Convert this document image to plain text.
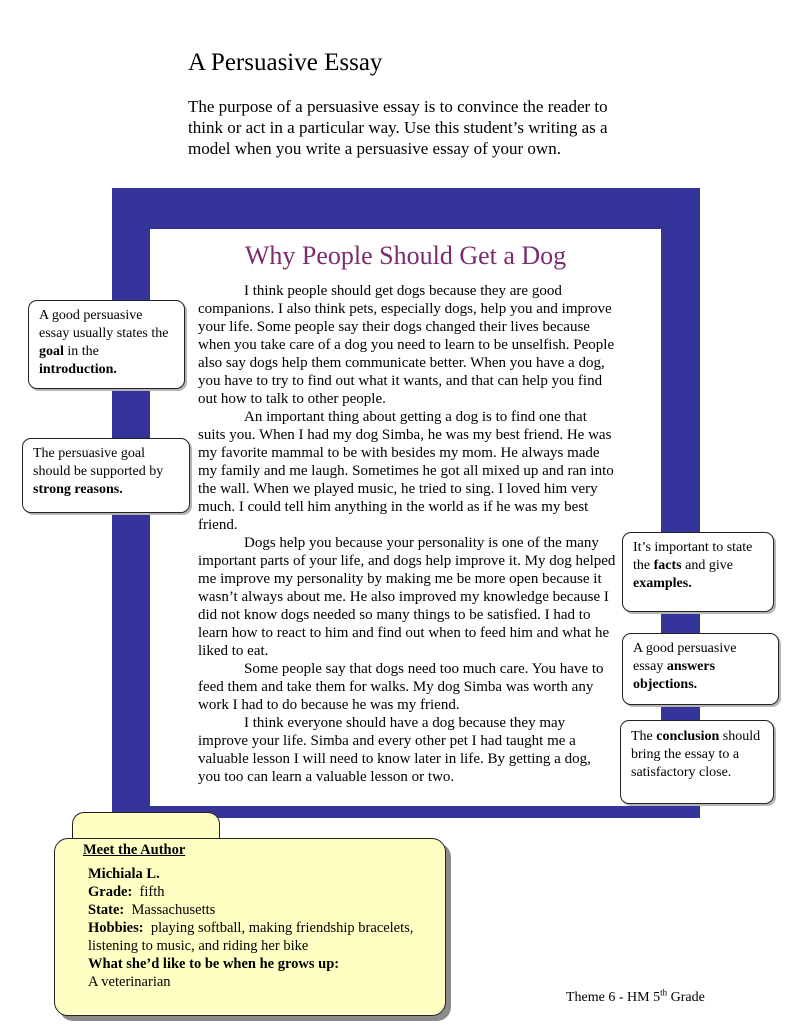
A Persuasive Essay
The purpose of a persuasive essay is to convince the reader to think or act in a particular way. Use this student’s writing as a model when you write a persuasive essay of your own.
Why People Should Get a Dog

I think people should get dogs because they are good companions. I also think pets, especially dogs, help you and improve your life. Some people say their dogs changed their lives because when you take care of a dog you need to learn to be unselfish. People also say dogs help them communicate better. When you have a dog, you have to try to find out what it wants, and that can help you find out how to talk to other people.

An important thing about getting a dog is to find one that suits you. When I had my dog Simba, he was my best friend. He was my favorite mammal to be with besides my mom. He always made my family and me laugh. Sometimes he got all mixed up and ran into the wall. When we played music, he tried to sing. I loved him very much. I could tell him anything in the world as if he was my best friend.

Dogs help you because your personality is one of the many important parts of your life, and dogs help improve it. My dog helped me improve my personality by making me be more open because it wasn’t always about me. He also improved my knowledge because I did not know dogs needed so many things to be satisfied. I had to learn how to react to him and find out when to feed him and what he liked to eat.

Some people say that dogs need too much care. You have to feed them and take them for walks. My dog Simba was worth any work I had to do because he was my friend.

I think everyone should have a dog because they may improve your life. Simba and every other pet I had taught me a valuable lesson I will need to know later in life. By getting a dog, you too can learn a valuable lesson or two.

A good persuasive essay usually states the goal in the introduction.
The persuasive goal should be supported by strong reasons.
It’s important to state the facts and give examples.
A good persuasive essay answers objections.
The conclusion should bring the essay to a satisfactory close.
Meet the Author
Michiala L.
Grade: fifth
State: Massachusetts
Hobbies: playing softball, making friendship bracelets, listening to music, and riding her bike
What she’d like to be when he grows up:
A veterinarian
Theme 6 - HM 5th Grade
